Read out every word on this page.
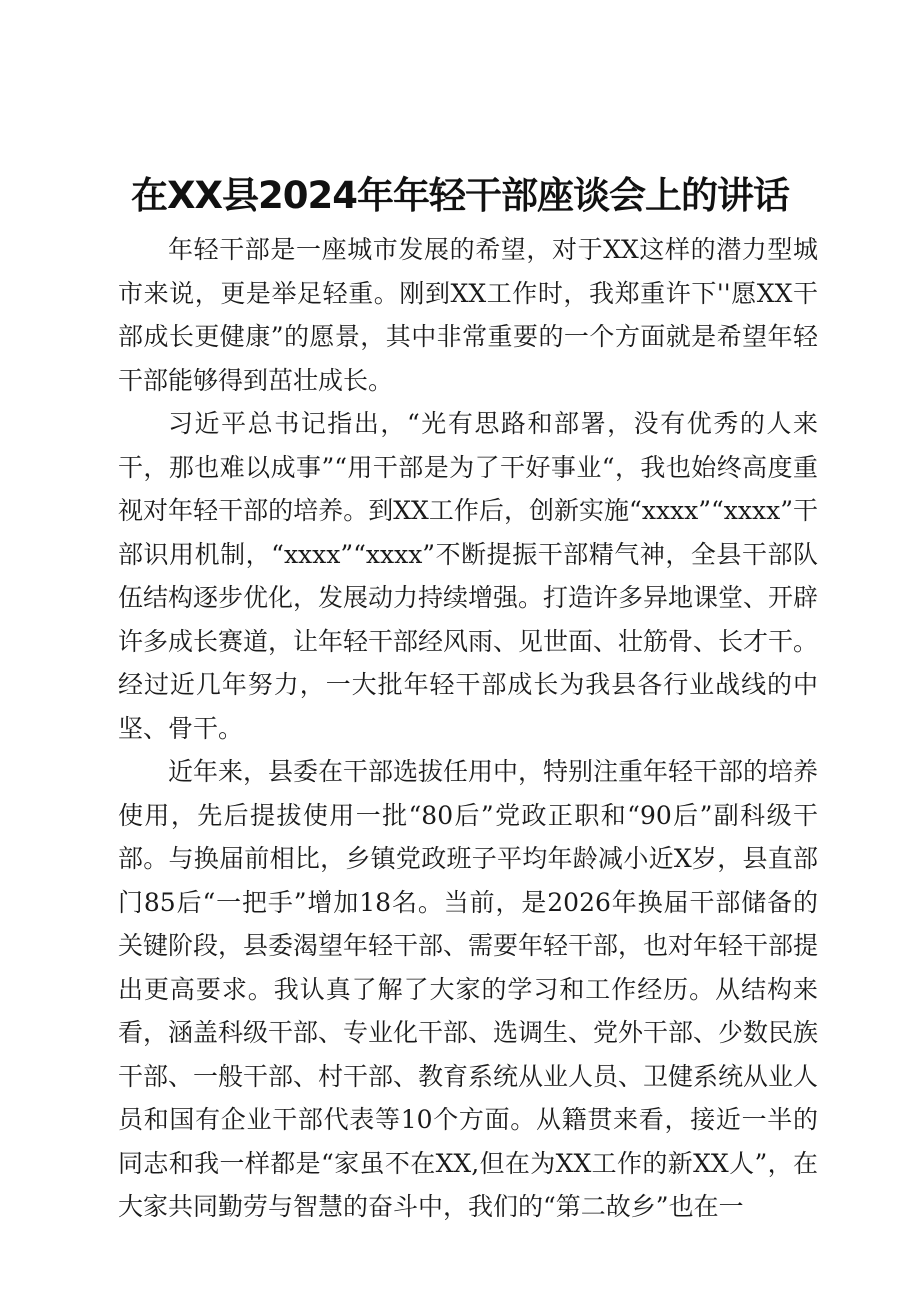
在XX县2024年年轻干部座谈会上的讲话

年轻干部是一座城市发展的希望，对于XX这样的潜力型城市来说，更是举足轻重。刚到XX工作时，我郑重许下''愿XX干部成长更健康”的愿景，其中非常重要的一个方面就是希望年轻干部能够得到茁壮成长。

习近平总书记指出，“光有思路和部署，没有优秀的人来干，那也难以成事”“用干部是为了干好事业“，我也始终高度重视对年轻干部的培养。到XX工作后，创新实施“xxxx”“xxxx”干部识用机制，“xxxx”“xxxx”不断提振干部精气神，全县干部队伍结构逐步优化，发展动力持续增强。打造许多异地课堂、开辟许多成长赛道，让年轻干部经风雨、见世面、壮筋骨、长才干。经过近几年努力，一大批年轻干部成长为我县各行业战线的中坚、骨干。

近年来，县委在干部选拔任用中，特别注重年轻干部的培养使用，先后提拔使用一批“80后”党政正职和“90后”副科级干部。与换届前相比，乡镇党政班子平均年龄减小近X岁，县直部门85后“一把手”增加18名。当前，是2026年换届干部储备的关键阶段，县委渴望年轻干部、需要年轻干部，也对年轻干部提出更高要求。我认真了解了大家的学习和工作经历。从结构来看，涵盖科级干部、专业化干部、选调生、党外干部、少数民族干部、一般干部、村干部、教育系统从业人员、卫健系统从业人员和国有企业干部代表等10个方面。从籍贯来看，接近一半的同志和我一样都是“家虽不在XX,但在为XX工作的新XX人”，在大家共同勤劳与智慧的奋斗中，我们的“第二故乡”也在一
